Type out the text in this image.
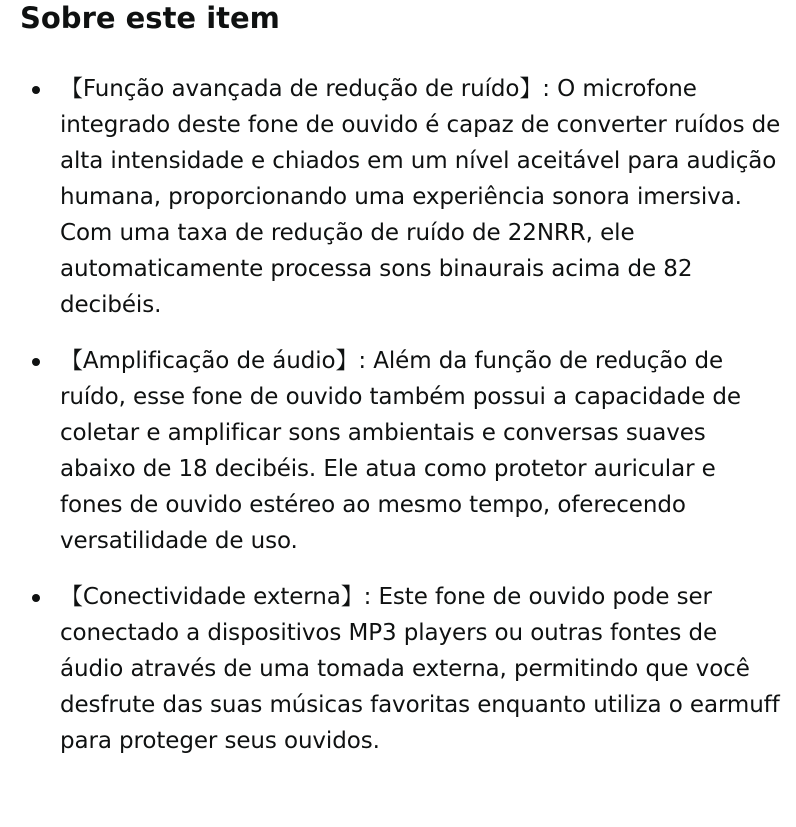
Sobre este item
【Função avançada de redução de ruído】: O microfone integrado deste fone de ouvido é capaz de converter ruídos de alta intensidade e chiados em um nível aceitável para audição humana, proporcionando uma experiência sonora imersiva. Com uma taxa de redução de ruído de 22NRR, ele automaticamente processa sons binaurais acima de 82 decibéis.
【Amplificação de áudio】: Além da função de redução de ruído, esse fone de ouvido também possui a capacidade de coletar e amplificar sons ambientais e conversas suaves abaixo de 18 decibéis. Ele atua como protetor auricular e fones de ouvido estéreo ao mesmo tempo, oferecendo versatilidade de uso.
【Conectividade externa】: Este fone de ouvido pode ser conectado a dispositivos MP3 players ou outras fontes de áudio através de uma tomada externa, permitindo que você desfrute das suas músicas favoritas enquanto utiliza o earmuff para proteger seus ouvidos.
